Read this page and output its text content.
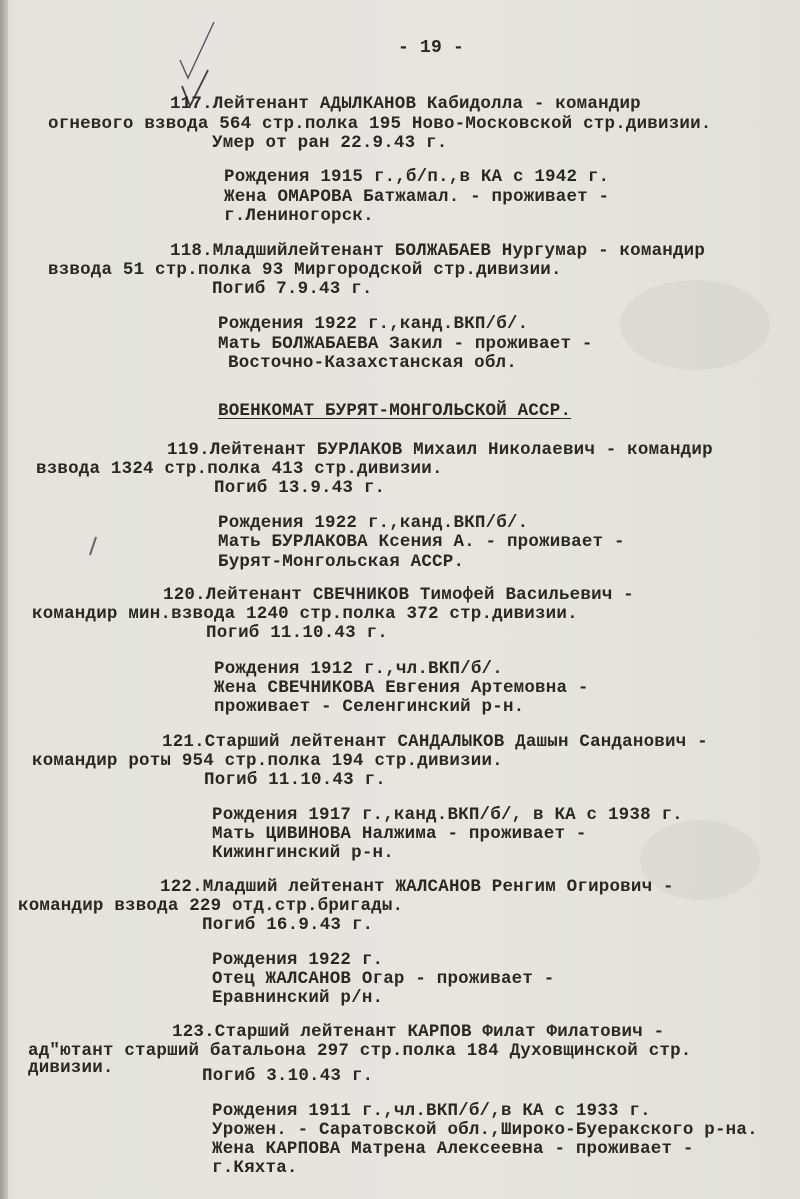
- 19 -
117.Лейтенант АДЫЛКАНОВ Кабидолла - командир
огневого взвода 564 стр.полка 195 Ново-Московской стр.дивизии.
Умер от ран 22.9.43 г.
Рождения 1915 г.,б/п.,в КА с 1942 г.
Жена ОМАРОВА Батжамал. - проживает -
г.Лениногорск.
118.Младшийлейтенант БОЛЖАБАЕВ Нургумар - командир
взвода 51 стр.полка 93 Миргородской стр.дивизии.
Погиб 7.9.43 г.
Рождения 1922 г.,канд.ВКП/б/.
Мать БОЛЖАБАЕВА Закил - проживает -
Восточно-Казахстанская обл.
ВОЕНКОМАТ БУРЯТ-МОНГОЛЬСКОЙ АССР.
119.Лейтенант БУРЛАКОВ Михаил Николаевич - командир
взвода 1324 стр.полка 413 стр.дивизии.
Погиб 13.9.43 г.
Рождения 1922 г.,канд.ВКП/б/.
Мать БУРЛАКОВА Ксения А. - проживает -
Бурят-Монгольская АССР.
120.Лейтенант СВЕЧНИКОВ Тимофей Васильевич -
командир мин.взвода 1240 стр.полка 372 стр.дивизии.
Погиб 11.10.43 г.
Рождения 1912 г.,чл.ВКП/б/.
Жена СВЕЧНИКОВА Евгения Артемовна -
проживает - Селенгинский р-н.
121.Старший лейтенант САНДАЛЫКОВ Дашын Санданович -
командир роты 954 стр.полка 194 стр.дивизии.
Погиб 11.10.43 г.
Рождения 1917 г.,канд.ВКП/б/, в КА с 1938 г.
Мать ЦИВИНОВА Налжима - проживает -
Кижингинский р-н.
122.Младший лейтенант ЖАЛСАНОВ Ренгим Огирович -
командир взвода 229 отд.стр.бригады.
Погиб 16.9.43 г.
Рождения 1922 г.
Отец ЖАЛСАНОВ Огар - проживает -
Еравнинский р/н.
123.Старший лейтенант КАРПОВ Филат Филатович -
ад"ютант старший батальона 297 стр.полка 184 Духовщинской стр.
дивизии.	Погиб 3.10.43 г.
Рождения 1911 г.,чл.ВКП/б/,в КА с 1933 г.
Урожен. - Саратовской обл.,Широко-Буеракского р-на.
Жена КАРПОВА Матрена Алексеевна - проживает -
г.Кяхта.
